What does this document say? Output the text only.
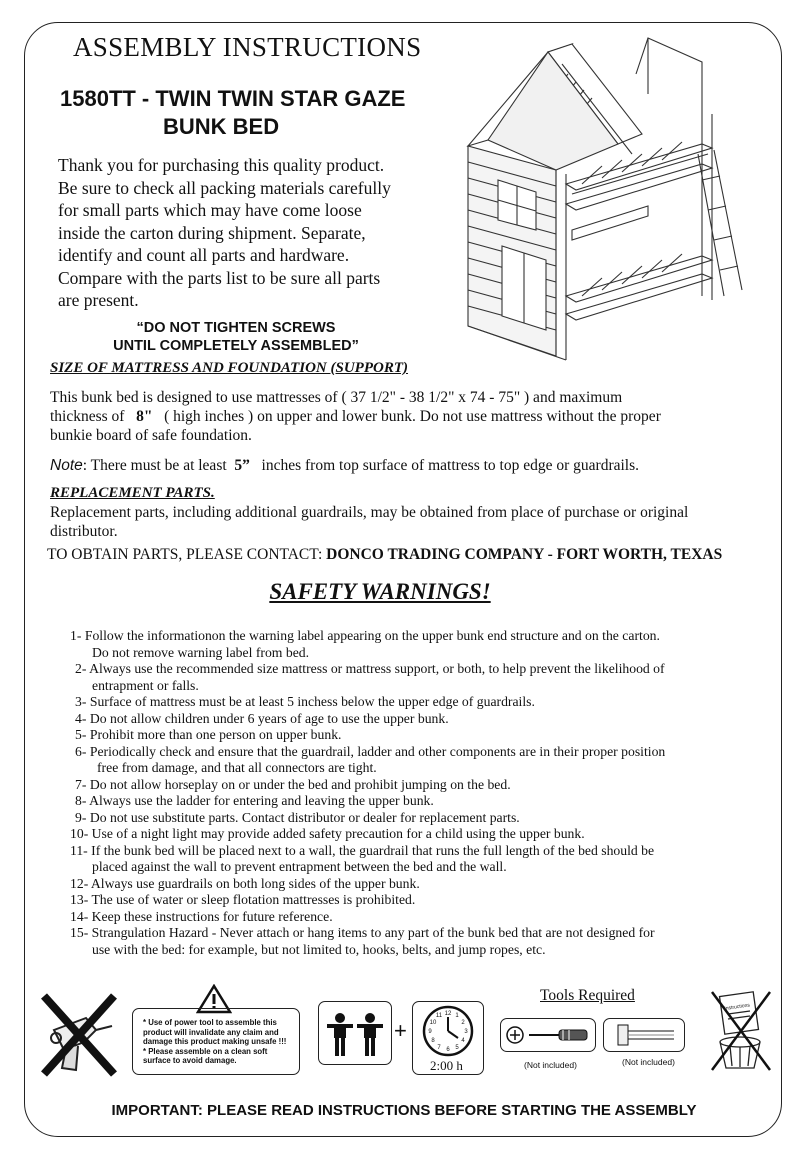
ASSEMBLY INSTRUCTIONS
1580TT - TWIN TWIN STAR GAZE
BUNK BED
Thank you for purchasing this quality product.
Be sure to check all packing materials carefully
for small parts which may have come loose
inside the carton during shipment. Separate,
identify and count all parts and hardware.
Compare with the parts list to be sure all parts
are present.
“DO NOT TIGHTEN SCREWS
UNTIL COMPLETELY ASSEMBLED”
SIZE OF MATTRESS AND FOUNDATION (SUPPORT)
This bunk bed is designed to use mattresses of ( 37 1/2" - 38 1/2" x 74 - 75" ) and maximum
thickness of 8" ( high inches ) on upper and lower bunk. Do not use mattress without the proper
bunkie board of safe foundation.
Note: There must be at least 5” inches from top surface of mattress to top edge or guardrails.
REPLACEMENT PARTS.
Replacement parts, including additional guardrails, may be obtained from place of purchase or original
distributor.
TO OBTAIN PARTS, PLEASE CONTACT: DONCO TRADING COMPANY - FORT WORTH, TEXAS
SAFETY WARNINGS!
1- Follow the informationon the warning label appearing on the upper bunk end structure and on the carton.
Do not remove warning label from bed.
2- Always use the recommended size mattress or mattress support, or both, to help prevent the likelihood of
entrapment or falls.
3- Surface of mattress must be at least 5 inchess below the upper edge of guardrails.
4- Do not allow children under 6 years of age to use the upper bunk.
5- Prohibit more than one person on upper bunk.
6- Periodically check and ensure that the guardrail, ladder and other components are in their proper position
free from damage, and that all connectors are tight.
7- Do not allow horseplay on or under the bed and prohibit jumping on the bed.
8- Always use the ladder for entering and leaving the upper bunk.
9- Do not use substitute parts. Contact distributor or dealer for replacement parts.
10- Use of a night light may provide added safety precaution for a child using the upper bunk.
11- If the bunk bed will be placed next to a wall, the guardrail that runs the full length of the bed should be
placed against the wall to prevent entrapment between the bed and the wall.
12- Always use guardrails on both long sides of the upper bunk.
13- The use of water or sleep flotation mattresses is prohibited.
14- Keep these instructions for future reference.
15- Strangulation Hazard - Never attach or hang items to any part of the bunk bed that are not designed for
use with the bed: for example, but not limited to, hooks, belts, and jump ropes, etc.
* Use of power tool to assemble this
product will invalidate any claim and
damage this product making unsafe !!!
* Please assemble on a clean soft
surface to avoid damage.
+
12 1
2
3
4
5
6
7
8
9
10
11
2:00 h
Tools Required
(Not included)	(Not included)
Instructions
IMPORTANT: PLEASE READ INSTRUCTIONS BEFORE STARTING THE ASSEMBLY
